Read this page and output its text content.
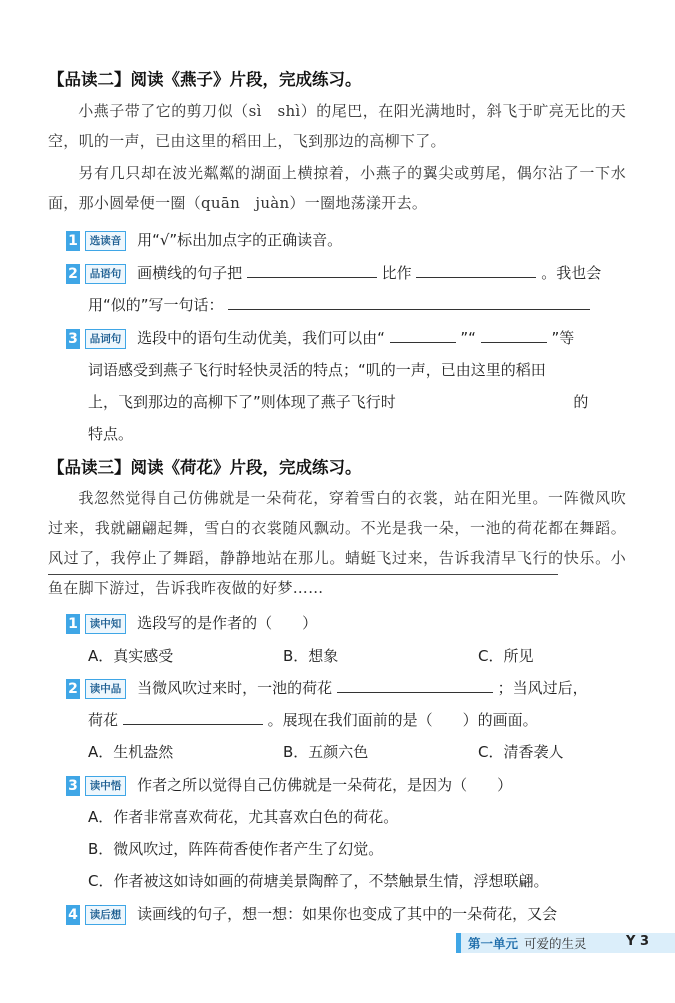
【品读二】阅读《燕子》片段，完成练习。

小燕子带了它的剪刀似（sì　shì）的尾巴，在阳光满地时，斜飞于旷亮无比的天空，叽的一声，已由这里的稻田上，飞到那边的高柳下了。

另有几只却在波光粼粼的湖面上横掠着，小燕子的翼尖或剪尾，偶尔沾了一下水面，那小圆晕便一圈（quān　juàn）一圈地荡漾开去。

1 选读音 用“√”标出加点字的正确读音。
2 品语句 画横线的句子把	比作	。我也会
用“似的”写一句话：
3 品词句 选段中的语句生动优美，我们可以由“	”“	”等
词语感受到燕子飞行时轻快灵活的特点；“叽的一声，已由这里的稻田
上，飞到那边的高柳下了”则体现了燕子飞行时	的
特点。
【品读三】阅读《荷花》片段，完成练习。

我忽然觉得自己仿佛就是一朵荷花，穿着雪白的衣裳，站在阳光里。一阵微风吹过来，我就翩翩起舞，雪白的衣裳随风飘动。不光是我一朵，一池的荷花都在舞蹈。风过了，我停止了舞蹈，静静地站在那儿。蜻蜓飞过来，告诉我清早飞行的快乐。小鱼在脚下游过，告诉我昨夜做的好梦……

1 读中知 选段写的是作者的（　　）
A．真实感受	B．想象	C．所见
2 读中品 当微风吹过来时，一池的荷花	；当风过后，
荷花	。展现在我们面前的是（　　）的画面。
A．生机盎然	B．五颜六色	C．清香袭人
3 读中悟 作者之所以觉得自己仿佛就是一朵荷花，是因为（　　）
A．作者非常喜欢荷花，尤其喜欢白色的荷花。
B．微风吹过，阵阵荷香使作者产生了幻觉。
C．作者被这如诗如画的荷塘美景陶醉了，不禁触景生情，浮想联翩。
4 读后想 读画线的句子，想一想：如果你也变成了其中的一朵荷花，又会
第一单元 可爱的生灵	Y 3
